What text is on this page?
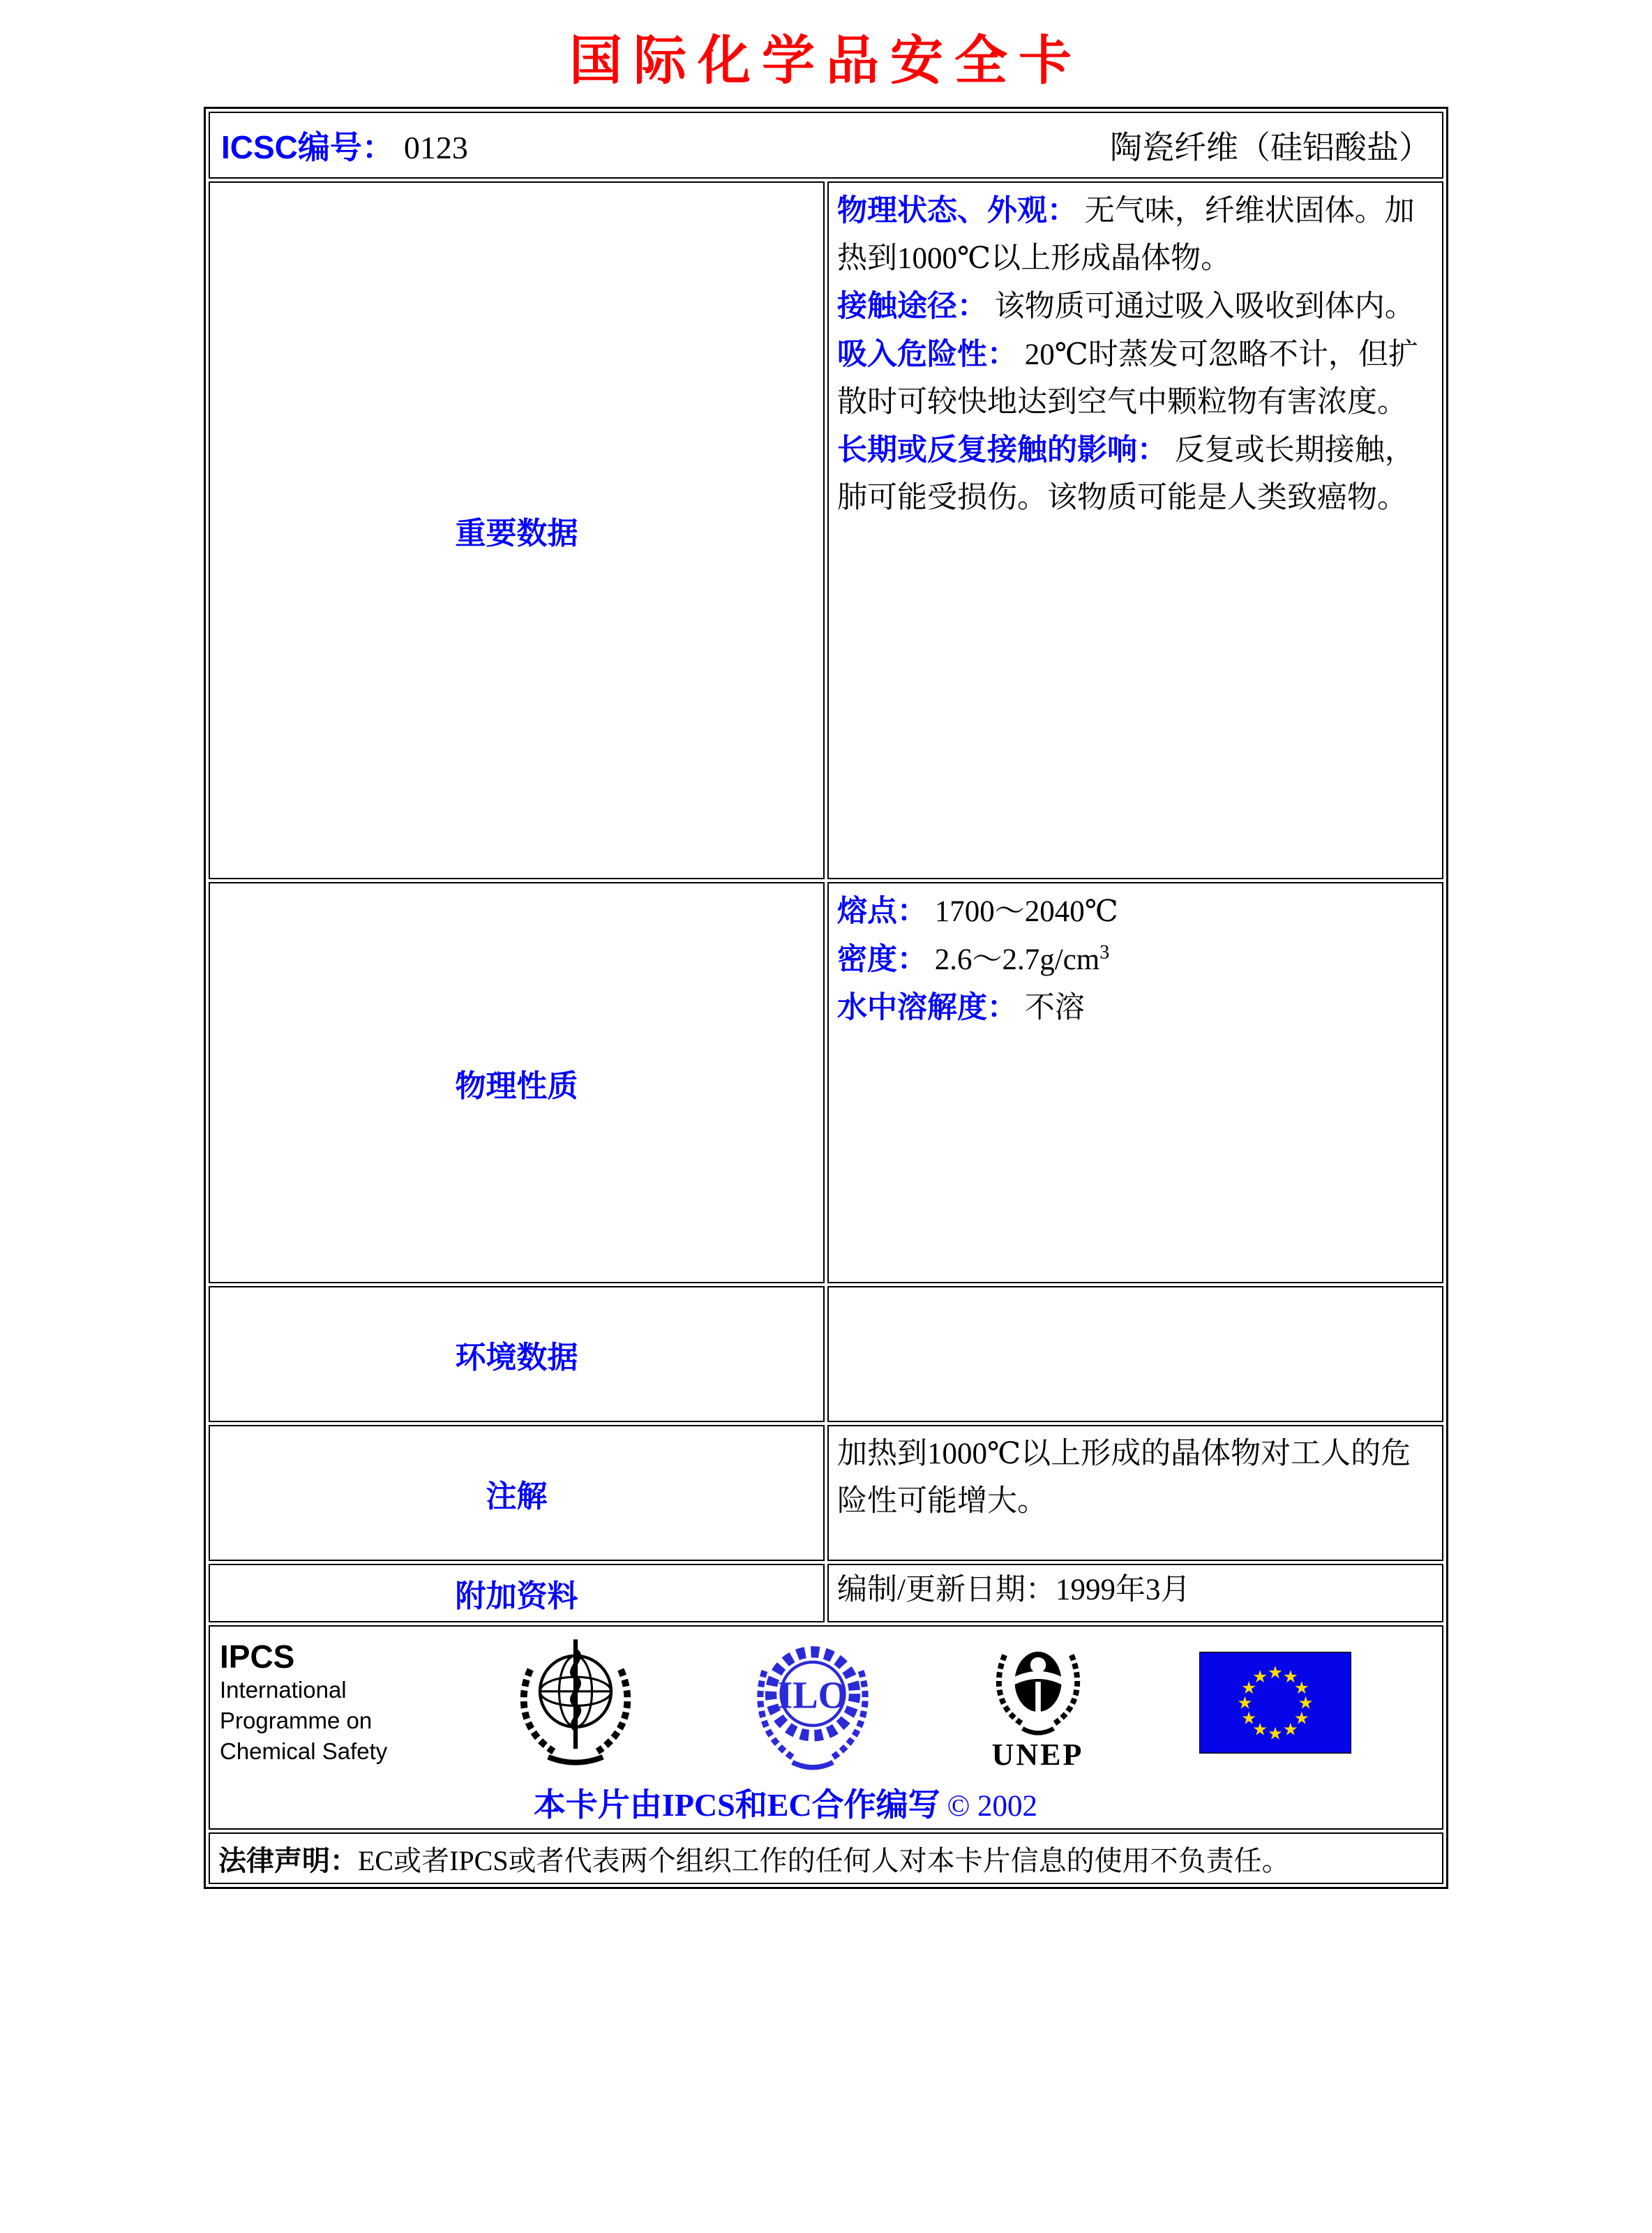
国际化学品安全卡
ICSC编号： 0123 陶瓷纤维（硅铝酸盐）	

重要数据	物理状态、外观： 无气味，纤维状固体。加热到1000℃以上形成晶体物。
接触途径： 该物质可通过吸入吸收到体内。
吸入危险性： 20℃时蒸发可忽略不计，但扩散时可较快地达到空气中颗粒物有害浓度。
长期或反复接触的影响： 反复或长期接触，肺可能受损伤。该物质可能是人类致癌物。

物理性质	熔点： 1700～2040℃
密度： $2.6\sim 2.7g/cm^3$
水中溶解度： 不溶

环境数据	
注解	加热到1000℃以上形成的晶体物对工人的危险性可能增大。
附加资料	编制/更新日期：1999年3月

IPCS
International
Programme on
Chemical Safety
ILO
UNEP
★ ★
★
★
★
★
★
★
★
★
★
★
本卡片由IPCS和EC合作编写 © 2002

法律声明：EC或者IPCS或者代表两个组织工作的任何人对本卡片信息的使用不负责任。	
